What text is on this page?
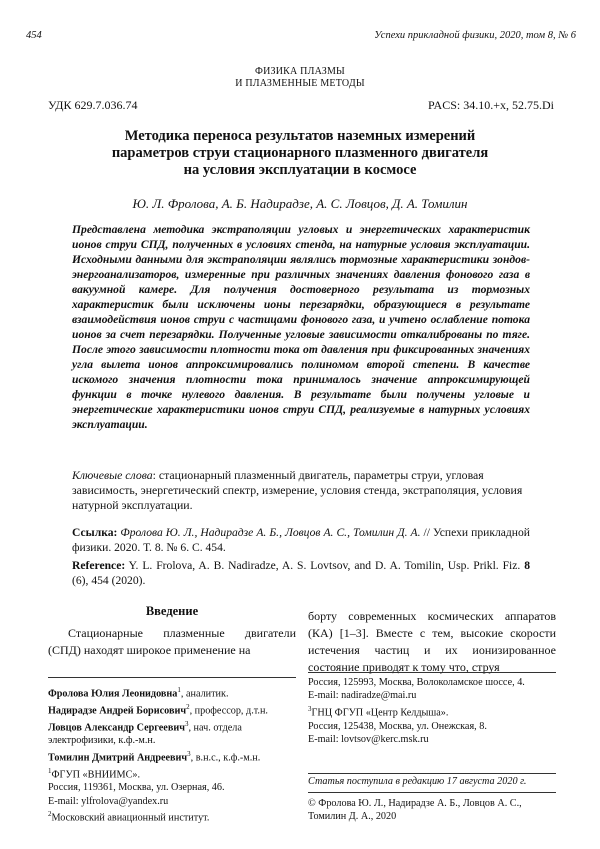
454	Успехи прикладной физики, 2020, том 8, № 6
ФИЗИКА ПЛАЗМЫ
И ПЛАЗМЕННЫЕ МЕТОДЫ
УДК 629.7.036.74	PACS: 34.10.+x, 52.75.Di
Методика переноса результатов наземных измерений
параметров струи стационарного плазменного двигателя
на условия эксплуатации в космосе
Ю. Л. Фролова, А. Б. Надирадзе, А. С. Ловцов, Д. А. Томилин
Представлена методика экстраполяции угловых и энергетических характеристик ионов струи СПД, полученных в условиях стенда, на натурные условия эксплуатации. Исходными данными для экстраполяции являлись тормозные характеристики зондов-энергоанализаторов, измеренные при различных значениях давления фонового газа в вакуумной камере. Для получения достоверного результата из тормозных характеристик были исключены ионы перезарядки, образующиеся в результате взаимодействия ионов струи с частицами фонового газа, и учтено ослабление потока ионов за счет перезарядки. Полученные угловые зависимости откалиброваны по тяге. После этого зависимости плотности тока от давления при фиксированных значениях угла вылета ионов аппроксимировались полиномом второй степени. В качестве искомого значения плотности тока принималось значение аппроксимирующей функции в точке нулевого давления. В результате были получены угловые и энергетические характеристики ионов струи СПД, реализуемые в натурных условиях эксплуатации.
Ключевые слова: стационарный плазменный двигатель, параметры струи, угловая зависимость, энергетический спектр, измерение, условия стенда, экстраполяция, условия натурной эксплуатации.
Ссылка: Фролова Ю. Л., Надирадзе А. Б., Ловцов А. С., Томилин Д. А. // Успехи прикладной физики. 2020. Т. 8. № 6. С. 454.
Reference: Y. L. Frolova, A. B. Nadiradze, A. S. Lovtsov, and D. A. Tomilin, Usp. Prikl. Fiz. 8 (6), 454 (2020).
Введение

Стационарные плазменные двигатели (СПД) находят широкое применение на

борту современных космических аппаратов (КА) [1–3]. Вместе с тем, высокие скорости истечения частиц и их ионизированное состояние приводят к тому что, струя

Фролова Юлия Леонидовна$^1$, аналитик.
Надирадзе Андрей Борисович$^2$, профессор, д.т.н.
Ловцов Александр Сергеевич$^3$, нач. отдела электрофизики, к.ф.-м.н.
Томилин Дмитрий Андреевич$^3$, в.н.с., к.ф.-м.н.
$^1$ФГУП «ВНИИМС».
Россия, 119361, Москва, ул. Озерная, 46.
E-mail: ylfrolova@yandex.ru
$^2$Московский авиационный институт.
Россия, 125993, Москва, Волоколамское шоссе, 4.
E-mail: nadiradze@mai.ru
$^3$ГНЦ ФГУП «Центр Келдыша».
Россия, 125438, Москва, ул. Онежская, 8.
E-mail: lovtsov@kerc.msk.ru
Статья поступила в редакцию 17 августа 2020 г.
© Фролова Ю. Л., Надирадзе А. Б., Ловцов А. С., Томилин Д. А., 2020
